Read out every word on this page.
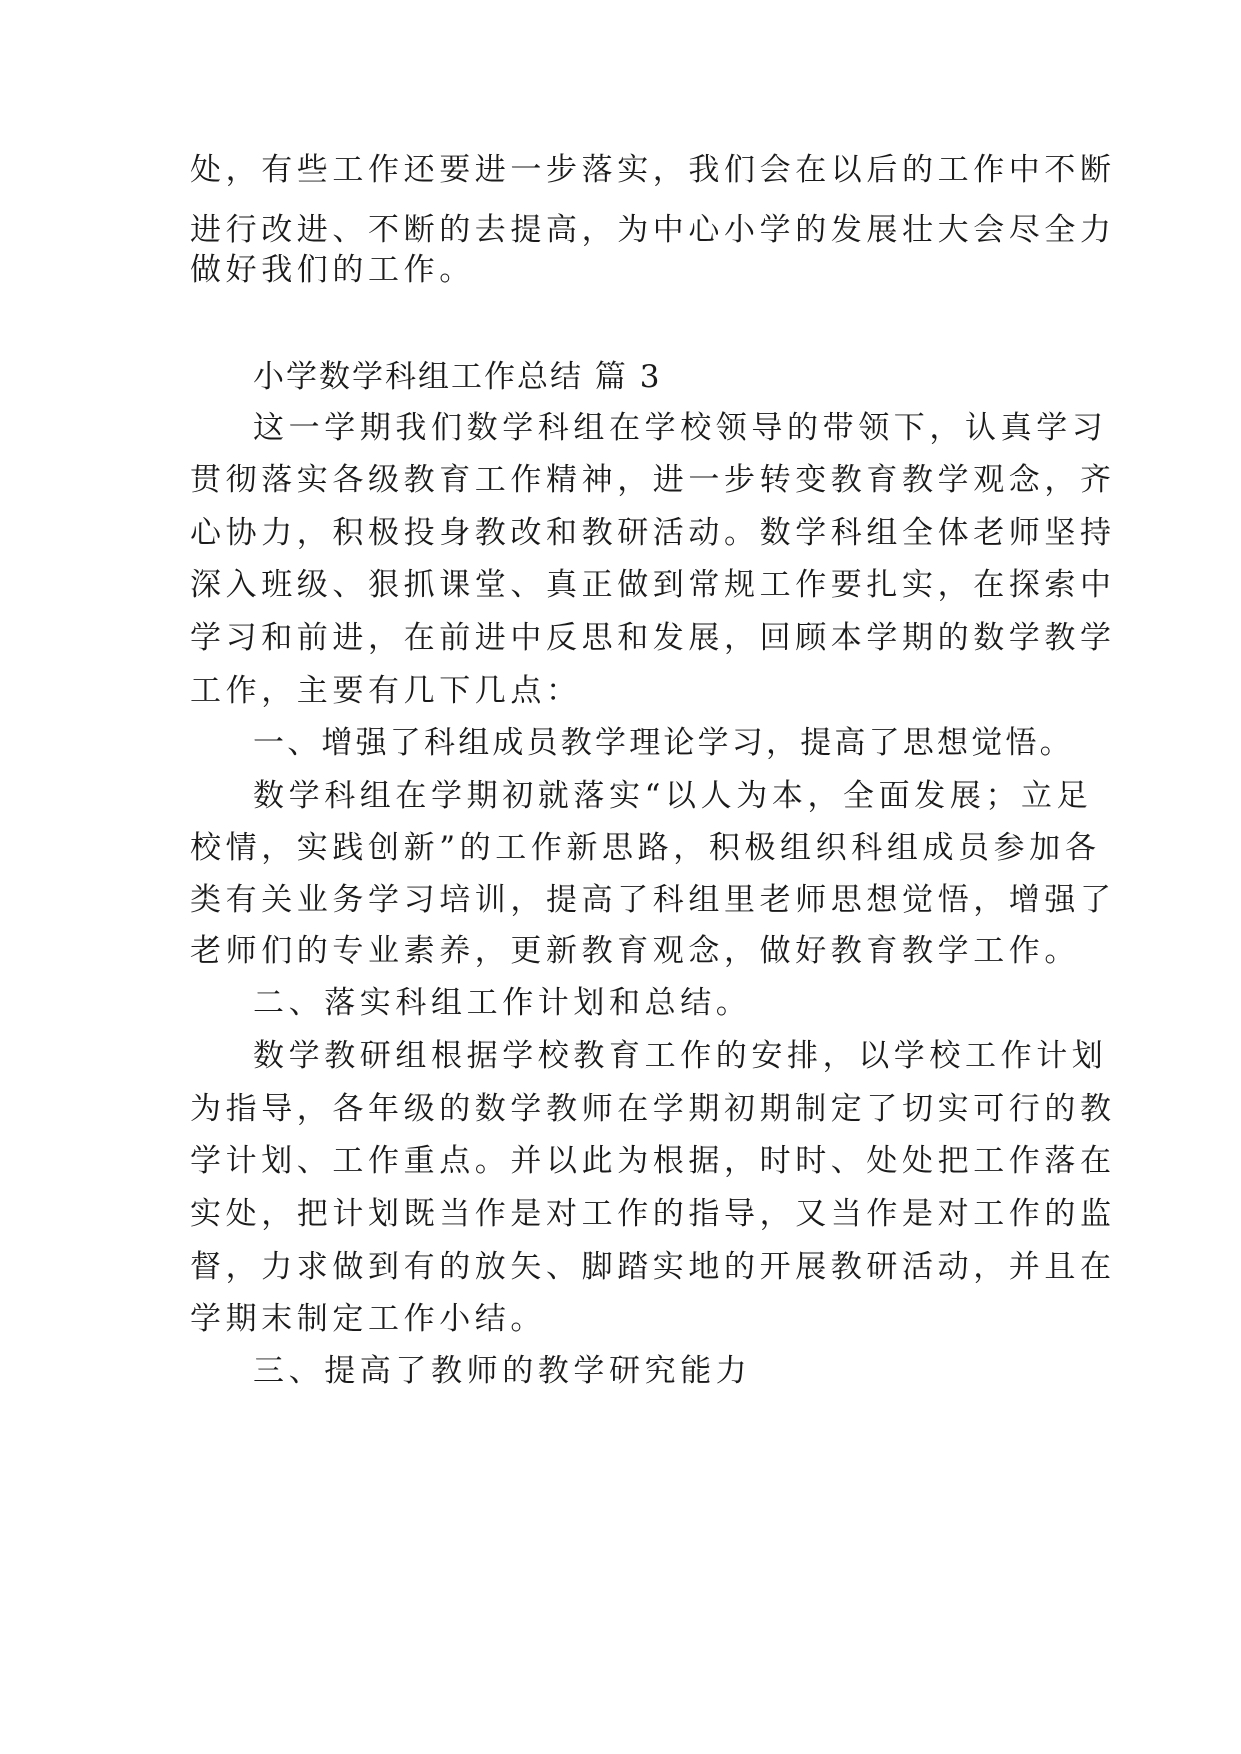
处，有些工作还要进一步落实，我们会在以后的工作中不断
进行改进、不断的去提高，为中心小学的发展壮大会尽全力
做好我们的工作。
小学数学科组工作总结 篇 3
这一学期我们数学科组在学校领导的带领下，认真学习
贯彻落实各级教育工作精神，进一步转变教育教学观念，齐
心协力，积极投身教改和教研活动。数学科组全体老师坚持
深入班级、狠抓课堂、真正做到常规工作要扎实，在探索中
学习和前进，在前进中反思和发展，回顾本学期的数学教学
工作，主要有几下几点：
一、增强了科组成员教学理论学习，提高了思想觉悟。
数学科组在学期初就落实“以人为本，全面发展；立足
校情，实践创新”的工作新思路，积极组织科组成员参加各
类有关业务学习培训，提高了科组里老师思想觉悟，增强了
老师们的专业素养，更新教育观念，做好教育教学工作。
二、落实科组工作计划和总结。
数学教研组根据学校教育工作的安排，以学校工作计划
为指导，各年级的数学教师在学期初期制定了切实可行的教
学计划、工作重点。并以此为根据，时时、处处把工作落在
实处，把计划既当作是对工作的指导，又当作是对工作的监
督，力求做到有的放矢、脚踏实地的开展教研活动，并且在
学期末制定工作小结。
三、提高了教师的教学研究能力
